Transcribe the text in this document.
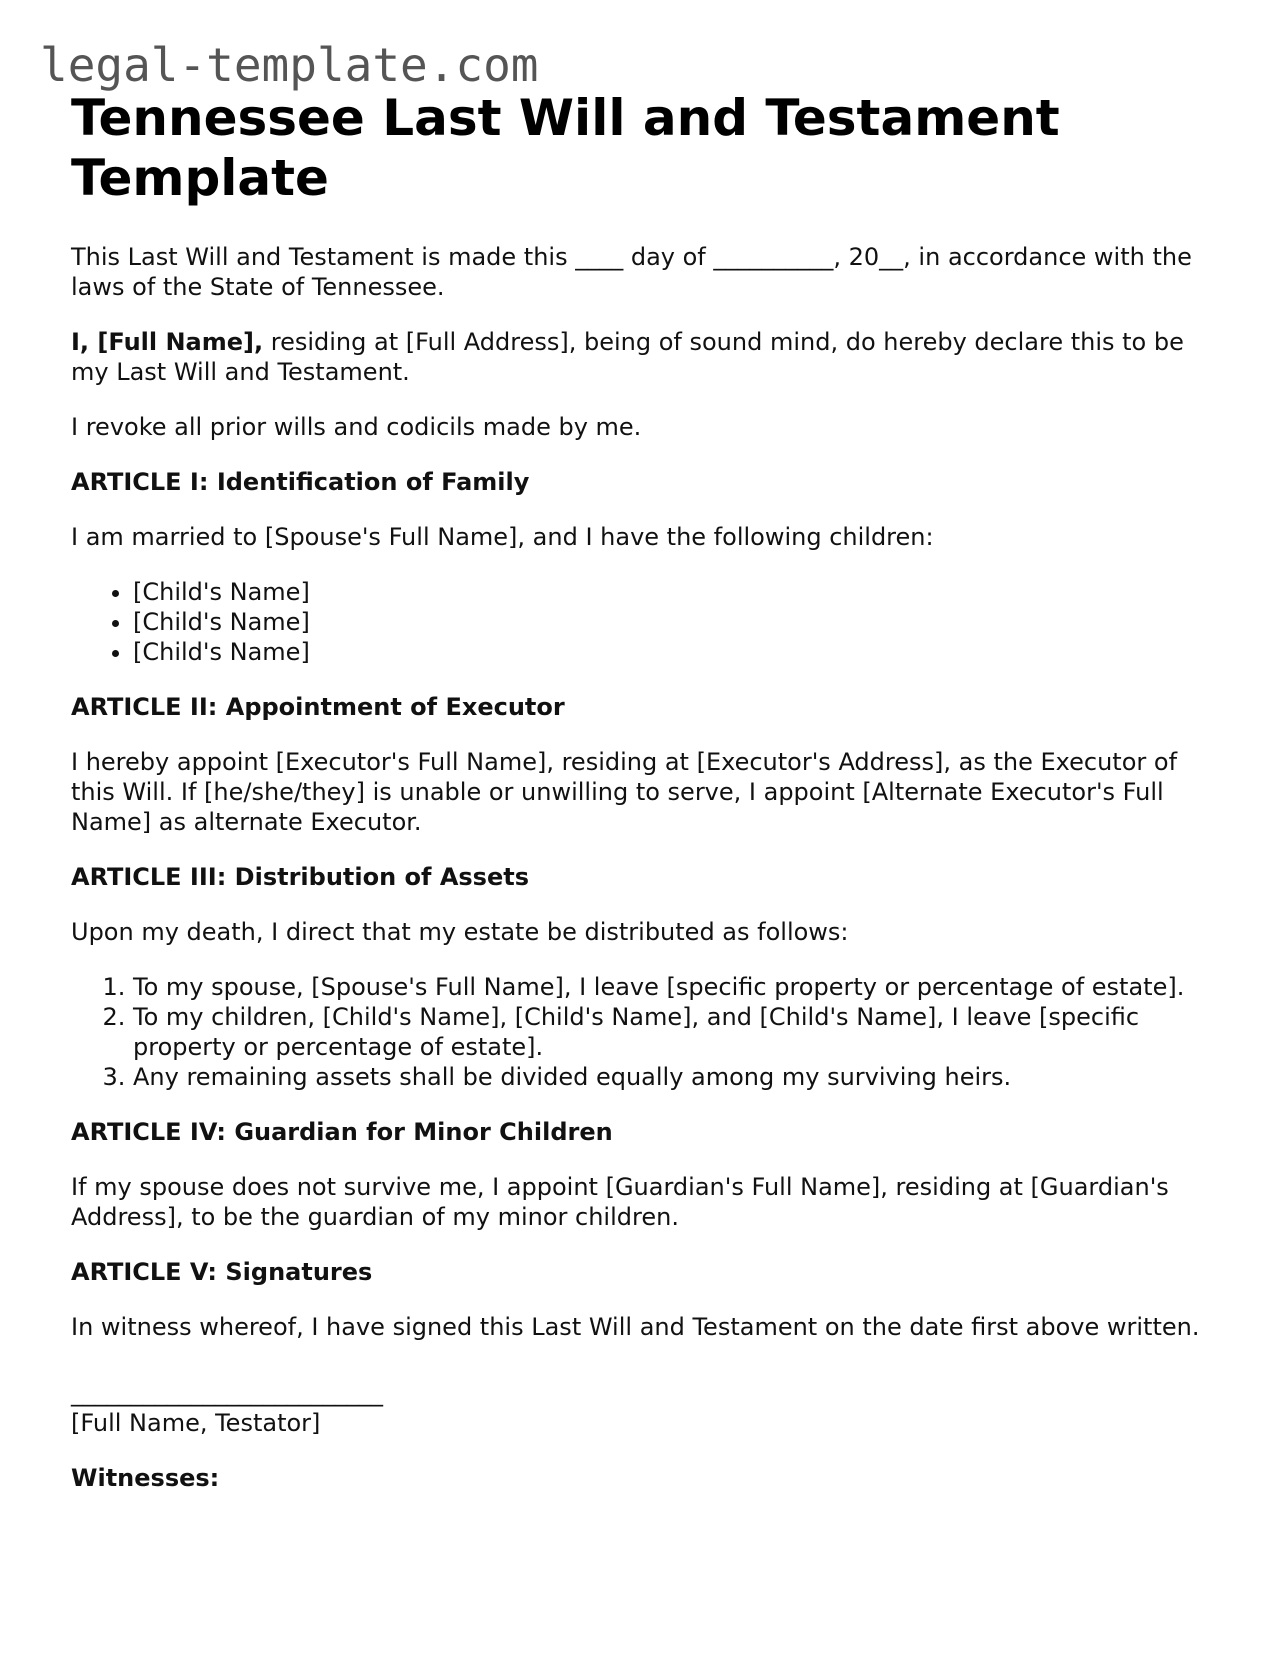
legal-template.com
Tennessee Last Will and Testament Template

This Last Will and Testament is made this ____ day of __________, 20__, in accordance with the laws of the State of Tennessee.

I, [Full Name], residing at [Full Address], being of sound mind, do hereby declare this to be my Last Will and Testament.

I revoke all prior wills and codicils made by me.

ARTICLE I: Identification of Family

I am married to [Spouse's Full Name], and I have the following children:

• [Child's Name]
• [Child's Name]
• [Child's Name]

ARTICLE II: Appointment of Executor

I hereby appoint [Executor's Full Name], residing at [Executor's Address], as the Executor of this Will. If [he/she/they] is unable or unwilling to serve, I appoint [Alternate Executor's Full Name] as alternate Executor.

ARTICLE III: Distribution of Assets

Upon my death, I direct that my estate be distributed as follows:

1. To my spouse, [Spouse's Full Name], I leave [specific property or percentage of estate].
2. To my children, [Child's Name], [Child's Name], and [Child's Name], I leave [specific property or percentage of estate].
3. Any remaining assets shall be divided equally among my surviving heirs.

ARTICLE IV: Guardian for Minor Children

If my spouse does not survive me, I appoint [Guardian's Full Name], residing at [Guardian's Address], to be the guardian of my minor children.

ARTICLE V: Signatures

In witness whereof, I have signed this Last Will and Testament on the date first above written.

__________________________

[Full Name, Testator]

Witnesses:
